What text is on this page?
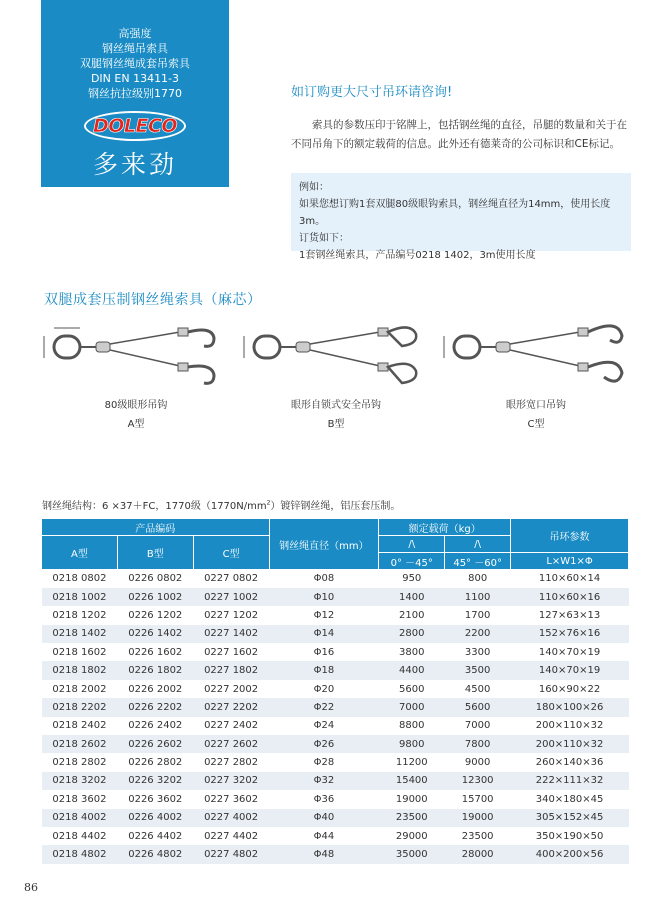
高强度
钢丝绳吊索具
双腿钢丝绳成套吊索具
DIN EN 13411-3
钢丝抗拉级别1770
DOLECO
多来劲
如订购更大尺寸吊环请咨询!
索具的参数压印于铭牌上，包括钢丝绳的直径，吊腿的数量和关于在不同吊角下的额定载荷的信息。此外还有德莱奇的公司标识和CE标记。
例如：
如果您想订购1套双腿80级眼钩索具，钢丝绳直径为14mm，使用长度3m。
订货如下：
1套钢丝绳索具，产品编号0218 1402，3m使用长度
双腿成套压制钢丝绳索具（麻芯）
80级眼形吊钩
A型
眼形自锁式安全吊钩
B型
眼形宽口吊钩
C型
钢丝绳结构：6 ×37＋FC，1770级$(1770N/mm^2)$镀锌钢丝绳，铝压套压制。
产品编码			钢丝绳直径（mm）	额定载荷（kg）		吊环参数
A型	B型	C型		/\	/\	
				0° －45°	45° －60°	L×W1×Φ
0218 0802	0226 0802	0227 0802	Φ08	950	800	110×60×14
0218 1002	0226 1002	0227 1002	Φ10	1400	1100	110×60×16
0218 1202	0226 1202	0227 1202	Φ12	2100	1700	127×63×13
0218 1402	0226 1402	0227 1402	Φ14	2800	2200	152×76×16
0218 1602	0226 1602	0227 1602	Φ16	3800	3300	140×70×19
0218 1802	0226 1802	0227 1802	Φ18	4400	3500	140×70×19
0218 2002	0226 2002	0227 2002	Φ20	5600	4500	160×90×22
0218 2202	0226 2202	0227 2202	Φ22	7000	5600	180×100×26
0218 2402	0226 2402	0227 2402	Φ24	8800	7000	200×110×32
0218 2602	0226 2602	0227 2602	Φ26	9800	7800	200×110×32
0218 2802	0226 2802	0227 2802	Φ28	11200	9000	260×140×36
0218 3202	0226 3202	0227 3202	Φ32	15400	12300	222×111×32
0218 3602	0226 3602	0227 3602	Φ36	19000	15700	340×180×45
0218 4002	0226 4002	0227 4002	Φ40	23500	19000	305×152×45
0218 4402	0226 4402	0227 4402	Φ44	29000	23500	350×190×50
0218 4802	0226 4802	0227 4802	Φ48	35000	28000	400×200×56
86
